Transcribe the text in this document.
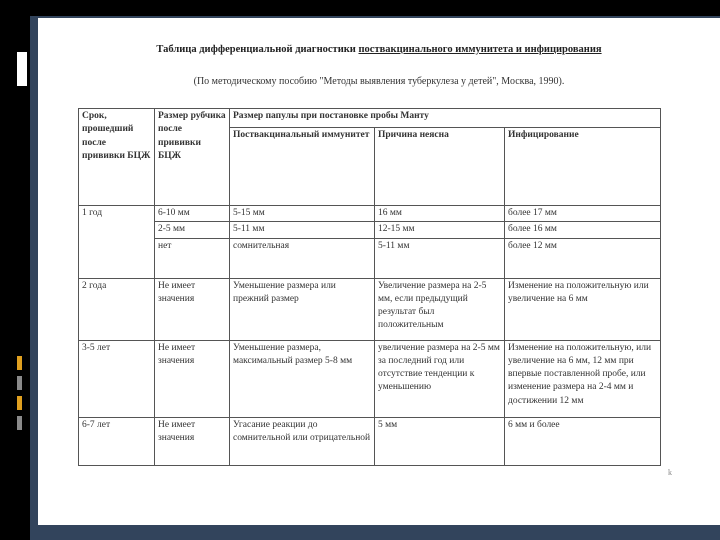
Таблица дифференциальной диагностики поствакцинального иммунитета и инфицирования
(По методическому пособию "Методы выявления туберкулеза у детей", Москва, 1990).
Срок, прошедший после прививки БЦЖ	Размер рубчика после прививки БЦЖ	Размер папулы при постановке пробы Манту		
		Поствакцинальный иммунитет	Причина неясна	Инфицирование
1 год	6-10 мм	5-15 мм	16 мм	более 17 мм
	2-5 мм	5-11 мм	12-15 мм	более 16 мм
	нет	сомнительная	5-11 мм	более 12 мм
2 года	Не имеет значения	Уменьшение размера или прежний размер	Увеличение размера на 2-5 мм, если предыдущий результат был положительным	Изменение на положительную или увеличение на 6 мм
3-5 лет	Не имеет значения	Уменьшение размера, максимальный размер 5-8 мм	увеличение размера на 2-5 мм за последний год или отсутствие тенденции к уменьшению	Изменение на положительную, или увеличение на 6 мм, 12 мм при впервые поставленной пробе, или изменение размера на 2-4 мм и достижении 12 мм
6-7 лет	Не имеет значения	Угасание реакции до сомнительной или отрицательной	5 мм	6 мм и более
k
